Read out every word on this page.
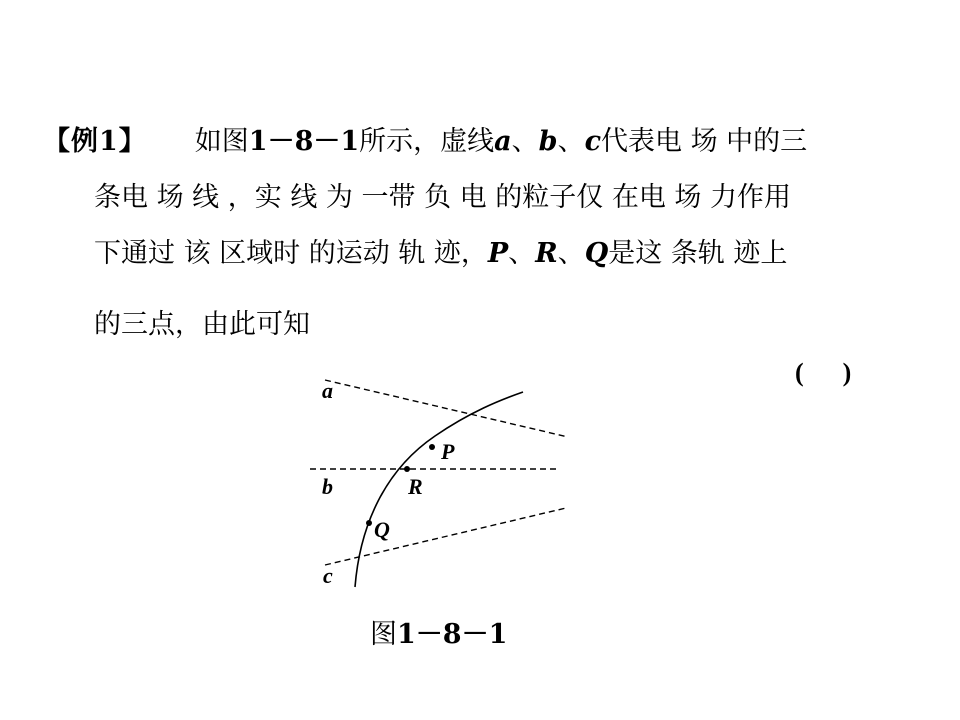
【例1】 如图1－8－1所示，虚线a、b、c代表电 场 中的三
条电 场 线 ，实 线 为 一带 负 电 的粒子仅 在电 场 力作用
下通过 该 区域时 的运动 轨 迹，P、R、Q是这 条轨 迹上
的三点，由此可知
(      )
a
b
c
P
R
Q
图1－8－1
